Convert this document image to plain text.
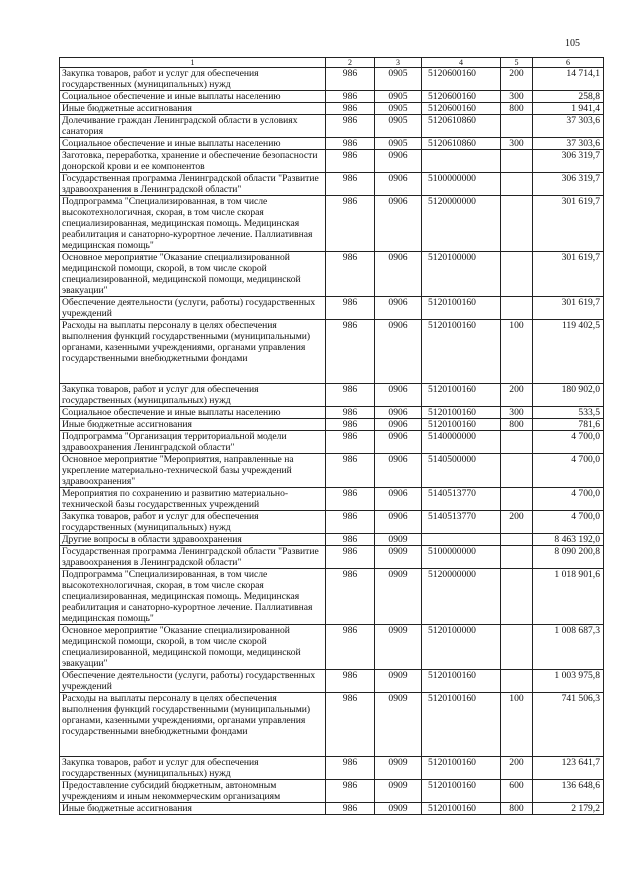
105
1	2	3	4	5	6
Закупка товаров, работ и услуг для обеспечения государственных (муниципальных) нужд	986	0905	5120600160	200	14 714,1
Социальное обеспечение и иные выплаты населению	986	0905	5120600160	300	258,8
Иные бюджетные ассигнования	986	0905	5120600160	800	1 941,4
Долечивание граждан Ленинградской области в условиях санатория	986	0905	5120610860		37 303,6
Социальное обеспечение и иные выплаты населению	986	0905	5120610860	300	37 303,6
Заготовка, переработка, хранение и обеспечение безопасности донорской крови и ее компонентов	986	0906			306 319,7
Государственная программа Ленинградской области "Развитие здравоохранения в Ленинградской области"	986	0906	5100000000		306 319,7
Подпрограмма "Специализированная, в том числе высокотехнологичная, скорая, в том числе скорая специализированная, медицинская помощь. Медицинская реабилитация и санаторно-курортное лечение. Паллиативная медицинская помощь"	986	0906	5120000000		301 619,7
Основное мероприятие "Оказание специализированной медицинской помощи, скорой, в том числе скорой специализированной, медицинской помощи, медицинской эвакуации"	986	0906	5120100000		301 619,7
Обеспечение деятельности (услуги, работы) государственных учреждений	986	0906	5120100160		301 619,7
Расходы на выплаты персоналу в целях обеспечения выполнения функций государственными (муниципальными) органами, казенными учреждениями, органами управления государственными внебюджетными фондами	986	0906	5120100160	100	119 402,5
Закупка товаров, работ и услуг для обеспечения государственных (муниципальных) нужд	986	0906	5120100160	200	180 902,0
Социальное обеспечение и иные выплаты населению	986	0906	5120100160	300	533,5
Иные бюджетные ассигнования	986	0906	5120100160	800	781,6
Подпрограмма "Организация территориальной модели здравоохранения Ленинградской области"	986	0906	5140000000		4 700,0
Основное мероприятие "Мероприятия, направленные на укрепление материально-технической базы учреждений здравоохранения"	986	0906	5140500000		4 700,0
Мероприятия по сохранению и развитию материально-технической базы государственных учреждений	986	0906	5140513770		4 700,0
Закупка товаров, работ и услуг для обеспечения государственных (муниципальных) нужд	986	0906	5140513770	200	4 700,0
Другие вопросы в области здравоохранения	986	0909			8 463 192,0
Государственная программа Ленинградской области "Развитие здравоохранения в Ленинградской области"	986	0909	5100000000		8 090 200,8
Подпрограмма "Специализированная, в том числе высокотехнологичная, скорая, в том числе скорая специализированная, медицинская помощь. Медицинская реабилитация и санаторно-курортное лечение. Паллиативная медицинская помощь"	986	0909	5120000000		1 018 901,6
Основное мероприятие "Оказание специализированной медицинской помощи, скорой, в том числе скорой специализированной, медицинской помощи, медицинской эвакуации"	986	0909	5120100000		1 008 687,3
Обеспечение деятельности (услуги, работы) государственных учреждений	986	0909	5120100160		1 003 975,8
Расходы на выплаты персоналу в целях обеспечения выполнения функций государственными (муниципальными) органами, казенными учреждениями, органами управления государственными внебюджетными фондами	986	0909	5120100160	100	741 506,3
Закупка товаров, работ и услуг для обеспечения государственных (муниципальных) нужд	986	0909	5120100160	200	123 641,7
Предоставление субсидий бюджетным, автономным учреждениям и иным некоммерческим организациям	986	0909	5120100160	600	136 648,6
Иные бюджетные ассигнования	986	0909	5120100160	800	2 179,2
